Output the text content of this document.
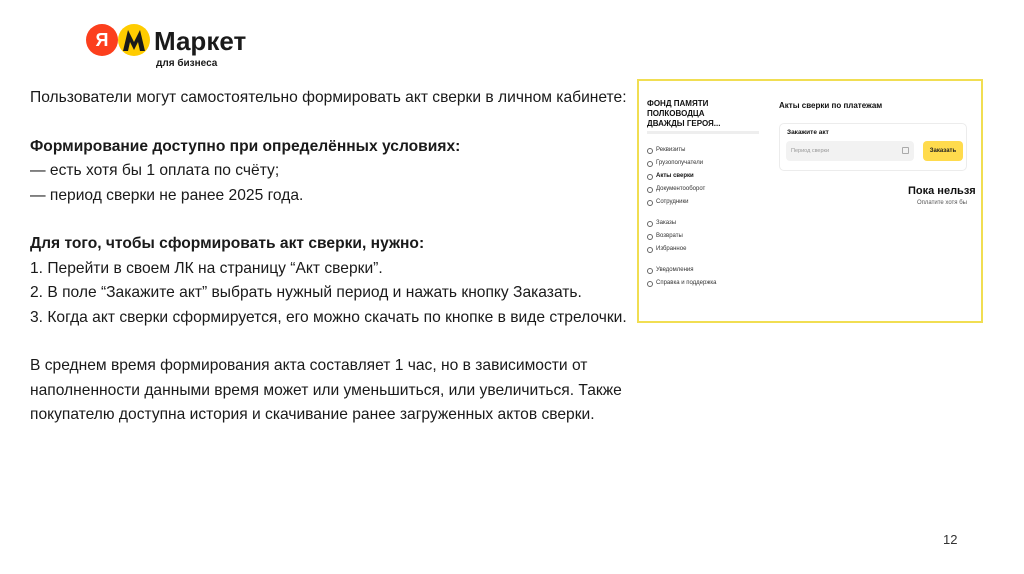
Я Маркет
для бизнеса

Пользователи могут самостоятельно формировать акт сверки в личном кабинете:

Формирование доступно при определённых условиях:

— есть хотя бы 1 оплата по счёту;

— период сверки не ранее 2025 года.

Для того, чтобы сформировать акт сверки, нужно:

1. Перейти в своем ЛК на страницу “Акт сверки”.

2. В поле “Закажите акт” выбрать нужный период и нажать кнопку Заказать.

3. Когда акт сверки сформируется, его можно скачать по кнопке в виде стрелочки.

В среднем время формирования акта составляет 1 час, но в зависимости от наполненности данными время может или уменьшиться, или увеличиться. Также покупателю доступна история и скачивание ранее загруженных актов сверки.

ФОНД ПАМЯТИ
ПОЛКОВОДЦА
ДВАЖДЫ ГЕРОЯ...
Реквизиты
Грузополучатели
Акты сверки
Документооборот
Сотрудники
Заказы
Возвраты
Избранное
Уведомления
Справка и поддержка
Акты сверки по платежам
Закажите акт
Период сверки	Заказать
Пока нельзя
Оплатите хотя бы
12
